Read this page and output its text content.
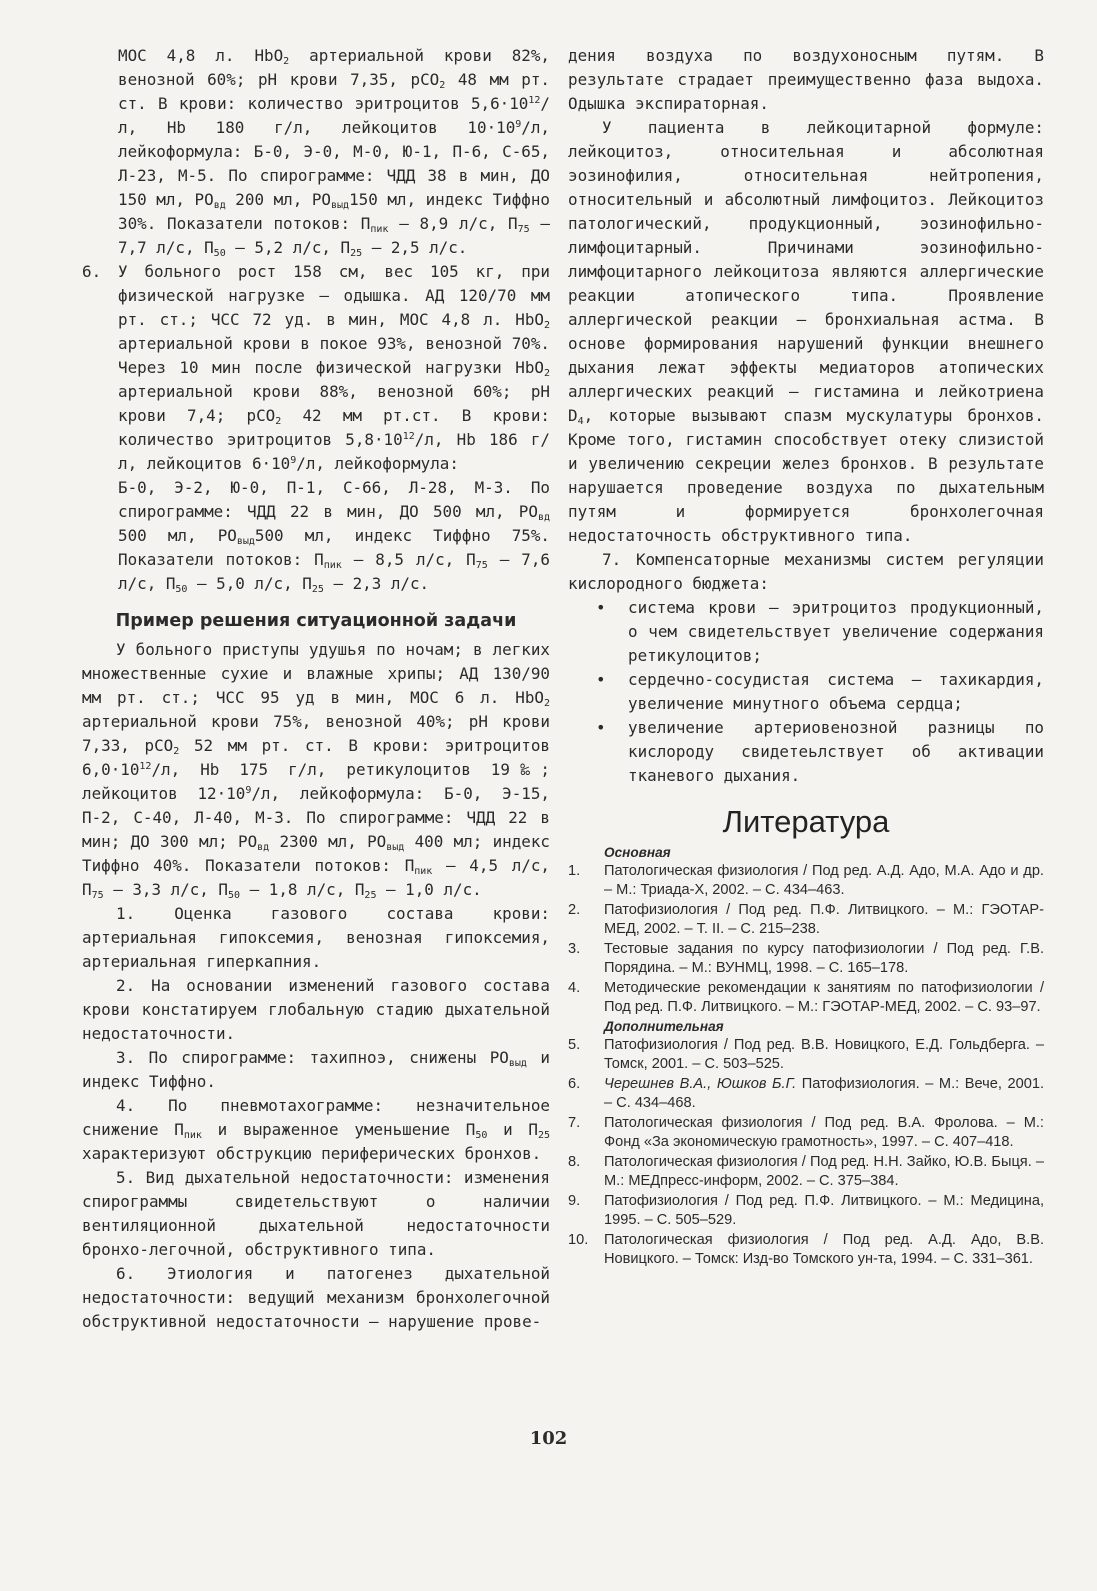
МОС 4,8 л. НbО$_2$ артериальной крови 82%, венозной 60%; рН крови 7,35, рСО$_2$ 48 мм рт. ст. В крови: количество эритроцитов $5,6\cdot 10^{12}/л$, Hb 180 г/л, лейкоцитов $10\cdot 10^9/л$, лейкоформула: Б-0, Э-0, М-0, Ю-1, П-6, С-65, Л-23, М-5. По спирограмме: ЧДД 38 в мин, ДО 150 мл, $РО_{вд}$ 200 мл, $РО_{выд}150$ мл, индекс Тиффно 30%. Показатели потоков: $П_{пик}$ — 8,9 л/с, $П_{75}$ — 7,7 л/с, $П_{50}$ — 5,2 л/с, $П_{25}$ — 2,5 л/с.

6.	У больного рост 158 см, вес 105 кг, при физической нагрузке — одышка. АД 120/70 мм рт. ст.; ЧСС 72 уд. в мин, МОС 4,8 л. НbО$_2$ артериальной крови в покое 93%, венозной 70%. Через 10 мин после физической нагрузки НbО$_2$ артериальной крови 88%, венозной 60%; рН крови 7,4; рСО$_2$ 42 мм рт.ст. В крови: количество эритроцитов $5,8\cdot 10^{12}/л$, Hb 186 г/л, лейкоцитов $6\cdot 10^9/л$, лейкоформула:

Б-0, Э-2, Ю-0, П-1, С-66, Л-28, М-3. По спирограмме: ЧДД 22 в мин, ДО 500 мл, $РО_{вд}$ 500 мл, $РО_{выд}500$ мл, индекс Тиффно 75%. Показатели потоков: $П_{пик}$ — 8,5 л/с, $П_{75}$ — 7,6 л/с, $П_{50}$ — 5,0 л/с, $П_{25} - 2,3$ л/с.

Пример решения ситуационной задачи

У больного приступы удушья по ночам; в легких множественные сухие и влажные хрипы; АД 130/90 мм рт. ст.; ЧСС 95 уд в мин, МОС 6 л. НbО$_2$ артериальной крови 75%, венозной 40%; рН крови 7,33, рСО$_2$ 52 мм рт. ст. В крови: эритроцитов $6,0\cdot 10^{12}/л$, Hb 175 г/л, ретикулоцитов 19‰; лейкоцитов $12\cdot 10^9/л$, лейкоформула: Б-0, Э-15, П-2, С-40, Л-40, М-3. По спирограмме: ЧДД 22 в мин; ДО 300 мл; $РО_{вд}$ 2300 мл, $РО_{выд}$ 400 мл; индекс Тиффно 40%. Показатели потоков: $П_{пик}$ — 4,5 л/с, $П_{75}$ — 3,3 л/с, $П_{50}$ — 1,8 л/с, $П_{25}$ — 1,0 л/с.

1. Оценка газового состава крови: артериальная гипоксемия, венозная гипоксемия, артериальная гиперкапния.

2. На основании изменений газового состава крови констатируем глобальную стадию дыхательной недостаточности.

3. По спирограмме: тахипноэ, снижены $РО_{выд}$ и индекс Тиффно.

4. По пневмотахограмме: незначительное снижение $П_{пик}$ и выраженное уменьшение $П_{50}$ и $П_{25}$ характеризуют обструкцию периферических бронхов.

5. Вид дыхательной недостаточности: изменения спирограммы свидетельствуют о наличии вентиляционной дыхательной недостаточности бронхо-легочной, обструктивного типа.

6. Этиология и патогенез дыхательной недостаточности: ведущий механизм бронхолегочной обструктивной недостаточности — нарушение прове-

дения воздуха по воздухоносным путям. В результате страдает преимущественно фаза выдоха. Одышка экспираторная.

У пациента в лейкоцитарной формуле: лейкоцитоз, относительная и абсолютная эозинофилия, относительная нейтропения, относительный и абсолютный лимфоцитоз. Лейкоцитоз патологический, продукционный, эозинофильно-лимфоцитарный. Причинами эозинофильно-лимфоцитарного лейкоцитоза являются аллергические реакции атопического типа. Проявление аллергической реакции — бронхиальная астма. В основе формирования нарушений функции внешнего дыхания лежат эффекты медиаторов атопических аллергических реакций — гистамина и лейкотриена $D_4$, которые вызывают спазм мускулатуры бронхов. Кроме того, гистамин способствует отеку слизистой и увеличению секреции желез бронхов. В результате нарушается проведение воздуха по дыхательным путям и формируется бронхолегочная недостаточность обструктивного типа.

7. Компенсаторные механизмы систем регуляции кислородного бюджета:

• система крови – эритроцитоз продукционный, о чем свидетельствует увеличение содержания ретикулоцитов;
• сердечно-сосудистая система — тахикардия, увеличение минутного объема сердца;
• увеличение артериовенозной разницы по кислороду свидетеьлствует об активации тканевого дыхания.
Литература
Основная
1.	Патологическая физиология / Под ред. А.Д. Адо, М.А. Адо и др. – М.: Триада-Х, 2002. – С. 434–463.
2.	Патофизиология / Под ред. П.Ф. Литвицкого. – М.: ГЭОТАР-МЕД, 2002. – Т. II. – С. 215–238.
3.	Тестовые задания по курсу патофизиологии / Под ред. Г.В. Порядина. – М.: ВУНМЦ, 1998. – С. 165–178.
4.	Методические рекомендации к занятиям по патофизиологии / Под ред. П.Ф. Литвицкого. – М.: ГЭОТАР-МЕД, 2002. – С. 93–97.
Дополнительная
5.	Патофизиология / Под ред. В.В. Новицкого, Е.Д. Гольдберга. – Томск, 2001. – С. 503–525.
6.	Черешнев В.А., Юшков Б.Г. Патофизиология. – М.: Вече, 2001. – С. 434–468.
7.	Патологическая физиология / Под ред. В.А. Фролова. – М.: Фонд «За экономическую грамотность», 1997. – С. 407–418.
8.	Патологическая физиология / Под ред. Н.Н. Зайко, Ю.В. Быця. – М.: МЕДпресс-информ, 2002. – С. 375–384.
9.	Патофизиология / Под ред. П.Ф. Литвицкого. – М.: Медицина, 1995. – С. 505–529.
10.	Патологическая физиология / Под ред. А.Д. Адо, В.В. Новицкого. – Томск: Изд-во Томского ун-та, 1994. – С. 331–361.
102
